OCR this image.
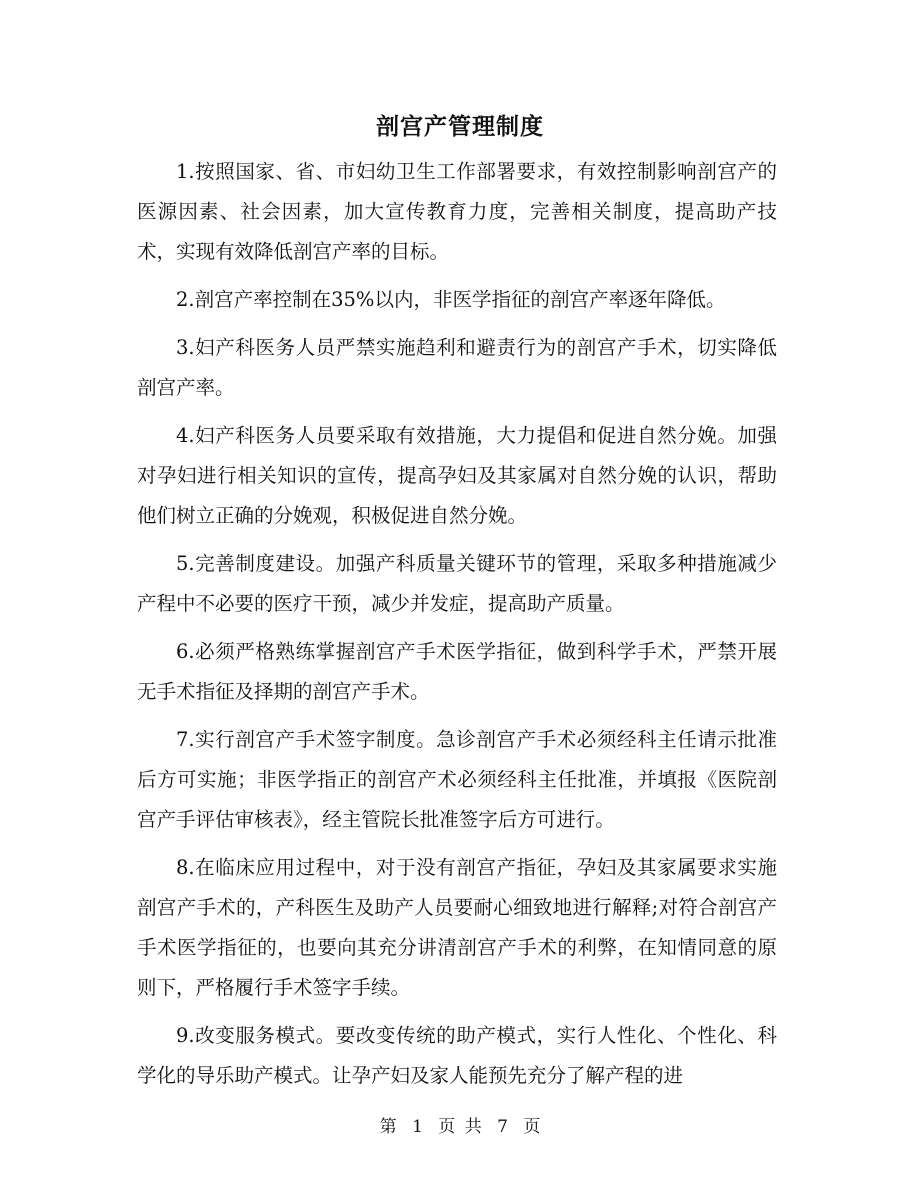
剖宫产管理制度

1.按照国家、省、市妇幼卫生工作部署要求，有效控制影响剖宫产的医源因素、社会因素，加大宣传教育力度，完善相关制度，提高助产技术，实现有效降低剖宫产率的目标。

2.剖宫产率控制在35%以内，非医学指征的剖宫产率逐年降低。

3.妇产科医务人员严禁实施趋利和避责行为的剖宫产手术，切实降低剖宫产率。

4.妇产科医务人员要采取有效措施，大力提倡和促进自然分娩。加强对孕妇进行相关知识的宣传，提高孕妇及其家属对自然分娩的认识，帮助他们树立正确的分娩观，积极促进自然分娩。

5.完善制度建设。加强产科质量关键环节的管理，采取多种措施减少产程中不必要的医疗干预，减少并发症，提高助产质量。

6.必须严格熟练掌握剖宫产手术医学指征，做到科学手术，严禁开展无手术指征及择期的剖宫产手术。

7.实行剖宫产手术签字制度。急诊剖宫产手术必须经科主任请示批准后方可实施；非医学指正的剖宫产术必须经科主任批准，并填报《医院剖宫产手评估审核表》，经主管院长批准签字后方可进行。

8.在临床应用过程中，对于没有剖宫产指征，孕妇及其家属要求实施剖宫产手术的，产科医生及助产人员要耐心细致地进行解释;对符合剖宫产手术医学指征的，也要向其充分讲清剖宫产手术的利弊，在知情同意的原则下，严格履行手术签字手续。

9.改变服务模式。要改变传统的助产模式，实行人性化、个性化、科学化的导乐助产模式。让孕产妇及家人能预先充分了解产程的进

第 1 页 共 7 页
